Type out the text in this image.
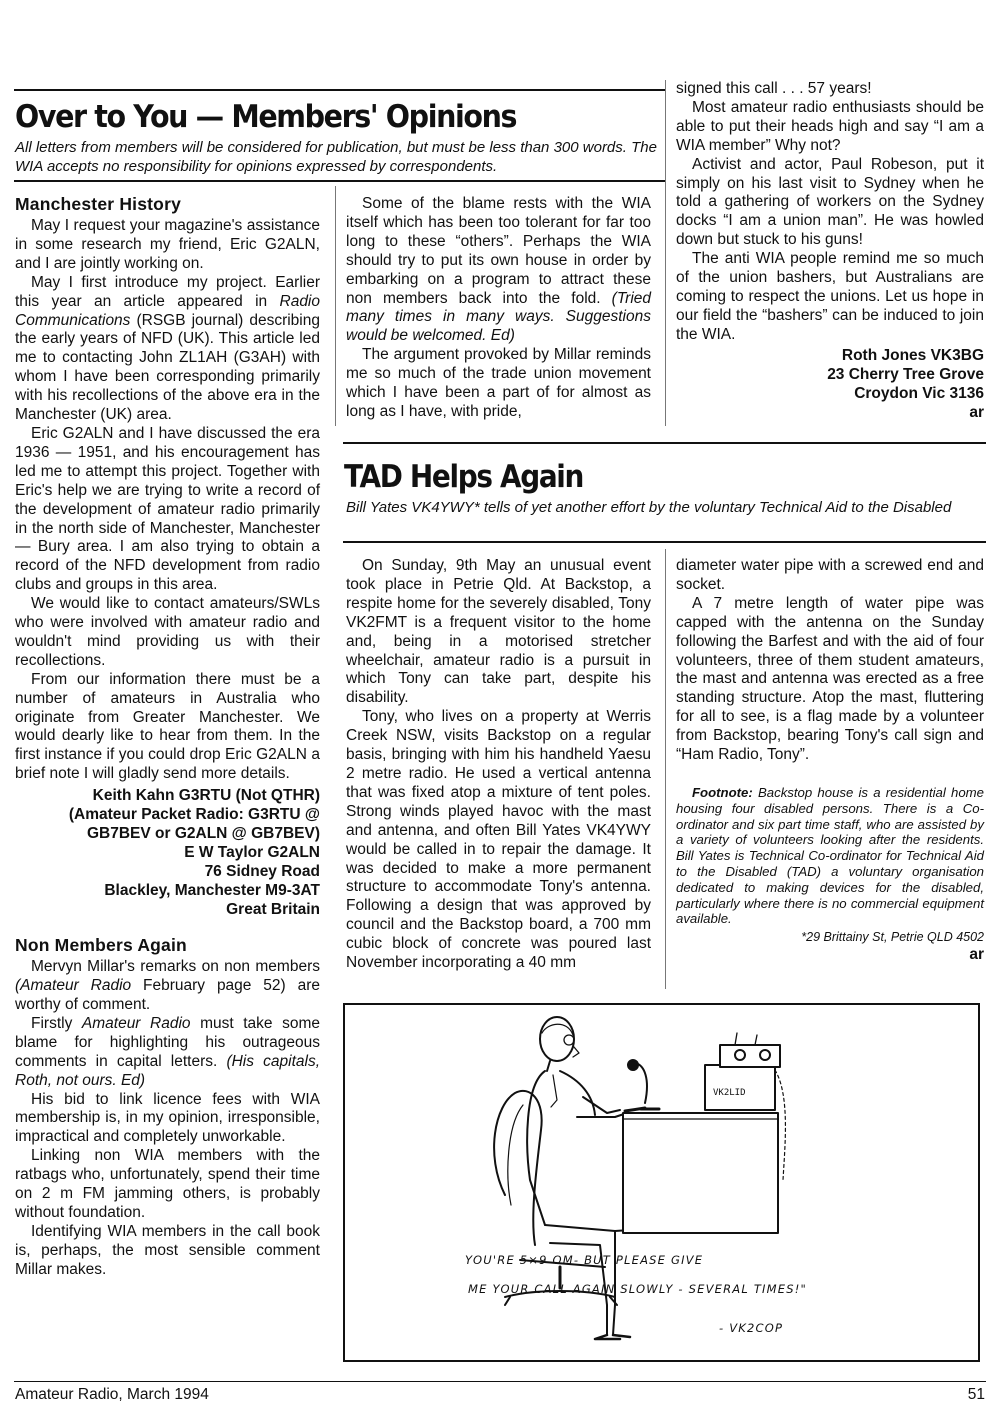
Over to You — Members' Opinions
All letters from members will be considered for publication, but must be less than 300 words. The WIA accepts no responsibility for opinions expressed by correspondents.
Manchester History

May I request your magazine's assistance in some research my friend, Eric G2ALN, and I are jointly working on.

May I first introduce my project. Earlier this year an article appeared in Radio Communications (RSGB journal) describing the early years of NFD (UK). This article led me to contacting John ZL1AH (G3AH) with whom I have been corresponding primarily with his recollections of the above era in the Manchester (UK) area.

Eric G2ALN and I have discussed the era 1936 — 1951, and his encouragement has led me to attempt this project. Together with Eric's help we are trying to write a record of the development of amateur radio primarily in the north side of Manchester, Manchester — Bury area. I am also trying to obtain a record of the NFD development from radio clubs and groups in this area.

We would like to contact amateurs/SWLs who were involved with amateur radio and wouldn't mind providing us with their recollections.

From our information there must be a number of amateurs in Australia who originate from Greater Manchester. We would dearly like to hear from them. In the first instance if you could drop Eric G2ALN a brief note I will gladly send more details.

Keith Kahn G3RTU (Not QTHR)
(Amateur Packet Radio: G3RTU @
GB7BEV or G2ALN @ GB7BEV)
E W Taylor G2ALN
76 Sidney Road
Blackley, Manchester M9-3AT
Great Britain
Non Members Again

Mervyn Millar's remarks on non members (Amateur Radio February page 52) are worthy of comment.

Firstly Amateur Radio must take some blame for highlighting his outrageous comments in capital letters. (His capitals, Roth, not ours. Ed)

His bid to link licence fees with WIA membership is, in my opinion, irresponsible, impractical and completely unworkable.

Linking non WIA members with the ratbags who, unfortunately, spend their time on 2 m FM jamming others, is probably without foundation.

Identifying WIA members in the call book is, perhaps, the most sensible comment Millar makes.

Some of the blame rests with the WIA itself which has been too tolerant for far too long to these “others”. Perhaps the WIA should try to put its own house in order by embarking on a program to attract these non members back into the fold. (Tried many times in many ways. Suggestions would be welcomed. Ed)

The argument provoked by Millar reminds me so much of the trade union movement which I have been a part of for almost as long as I have, with pride,

signed this call . . . 57 years!

Most amateur radio enthusiasts should be able to put their heads high and say “I am a WIA member” Why not?

Activist and actor, Paul Robeson, put it simply on his last visit to Sydney when he told a gathering of workers on the Sydney docks “I am a union man”. He was howled down but stuck to his guns!

The anti WIA people remind me so much of the union bashers, but Australians are coming to respect the unions. Let us hope in our field the “bashers” can be induced to join the WIA.

Roth Jones VK3BG
23 Cherry Tree Grove
Croydon Vic 3136
ar
TAD Helps Again
Bill Yates VK4YWY* tells of yet another effort by the voluntary Technical Aid to the Disabled

On Sunday, 9th May an unusual event took place in Petrie Qld. At Backstop, a respite home for the severely disabled, Tony VK2FMT is a frequent visitor to the home and, being in a motorised stretcher wheelchair, amateur radio is a pursuit in which Tony can take part, despite his disability.

Tony, who lives on a property at Werris Creek NSW, visits Backstop on a regular basis, bringing with him his handheld Yaesu 2 metre radio. He used a vertical antenna that was fixed atop a mixture of tent poles. Strong winds played havoc with the mast and antenna, and often Bill Yates VK4YWY would be called in to repair the damage. It was decided to make a more permanent structure to accommodate Tony's antenna. Following a design that was approved by council and the Backstop board, a 700 mm cubic block of concrete was poured last November incorporating a 40 mm

diameter water pipe with a screwed end and socket.

A 7 metre length of water pipe was capped with the antenna on the Sunday following the Barfest and with the aid of four volunteers, three of them student amateurs, the mast and antenna was erected as a free standing structure. Atop the mast, fluttering for all to see, is a flag made by a volunteer from Backstop, bearing Tony's call sign and “Ham Radio, Tony”.

Footnote: Backstop house is a residential home housing four disabled persons. There is a Co-ordinator and six part time staff, who are assisted by a variety of volunteers looking after the residents. Bill Yates is Technical Co-ordinator for Technical Aid to the Disabled (TAD) a voluntary organisation dedicated to making devices for the disabled, particularly where there is no commercial equipment available.
*29 Brittainy St, Petrie QLD 4502
ar
VK2LID
YOU'RE 5×9 OM- BUT PLEASE GIVE
ME YOUR CALL AGAIN SLOWLY - SEVERAL TIMES!"
- VK2COP
Amateur Radio, March 1994	51
